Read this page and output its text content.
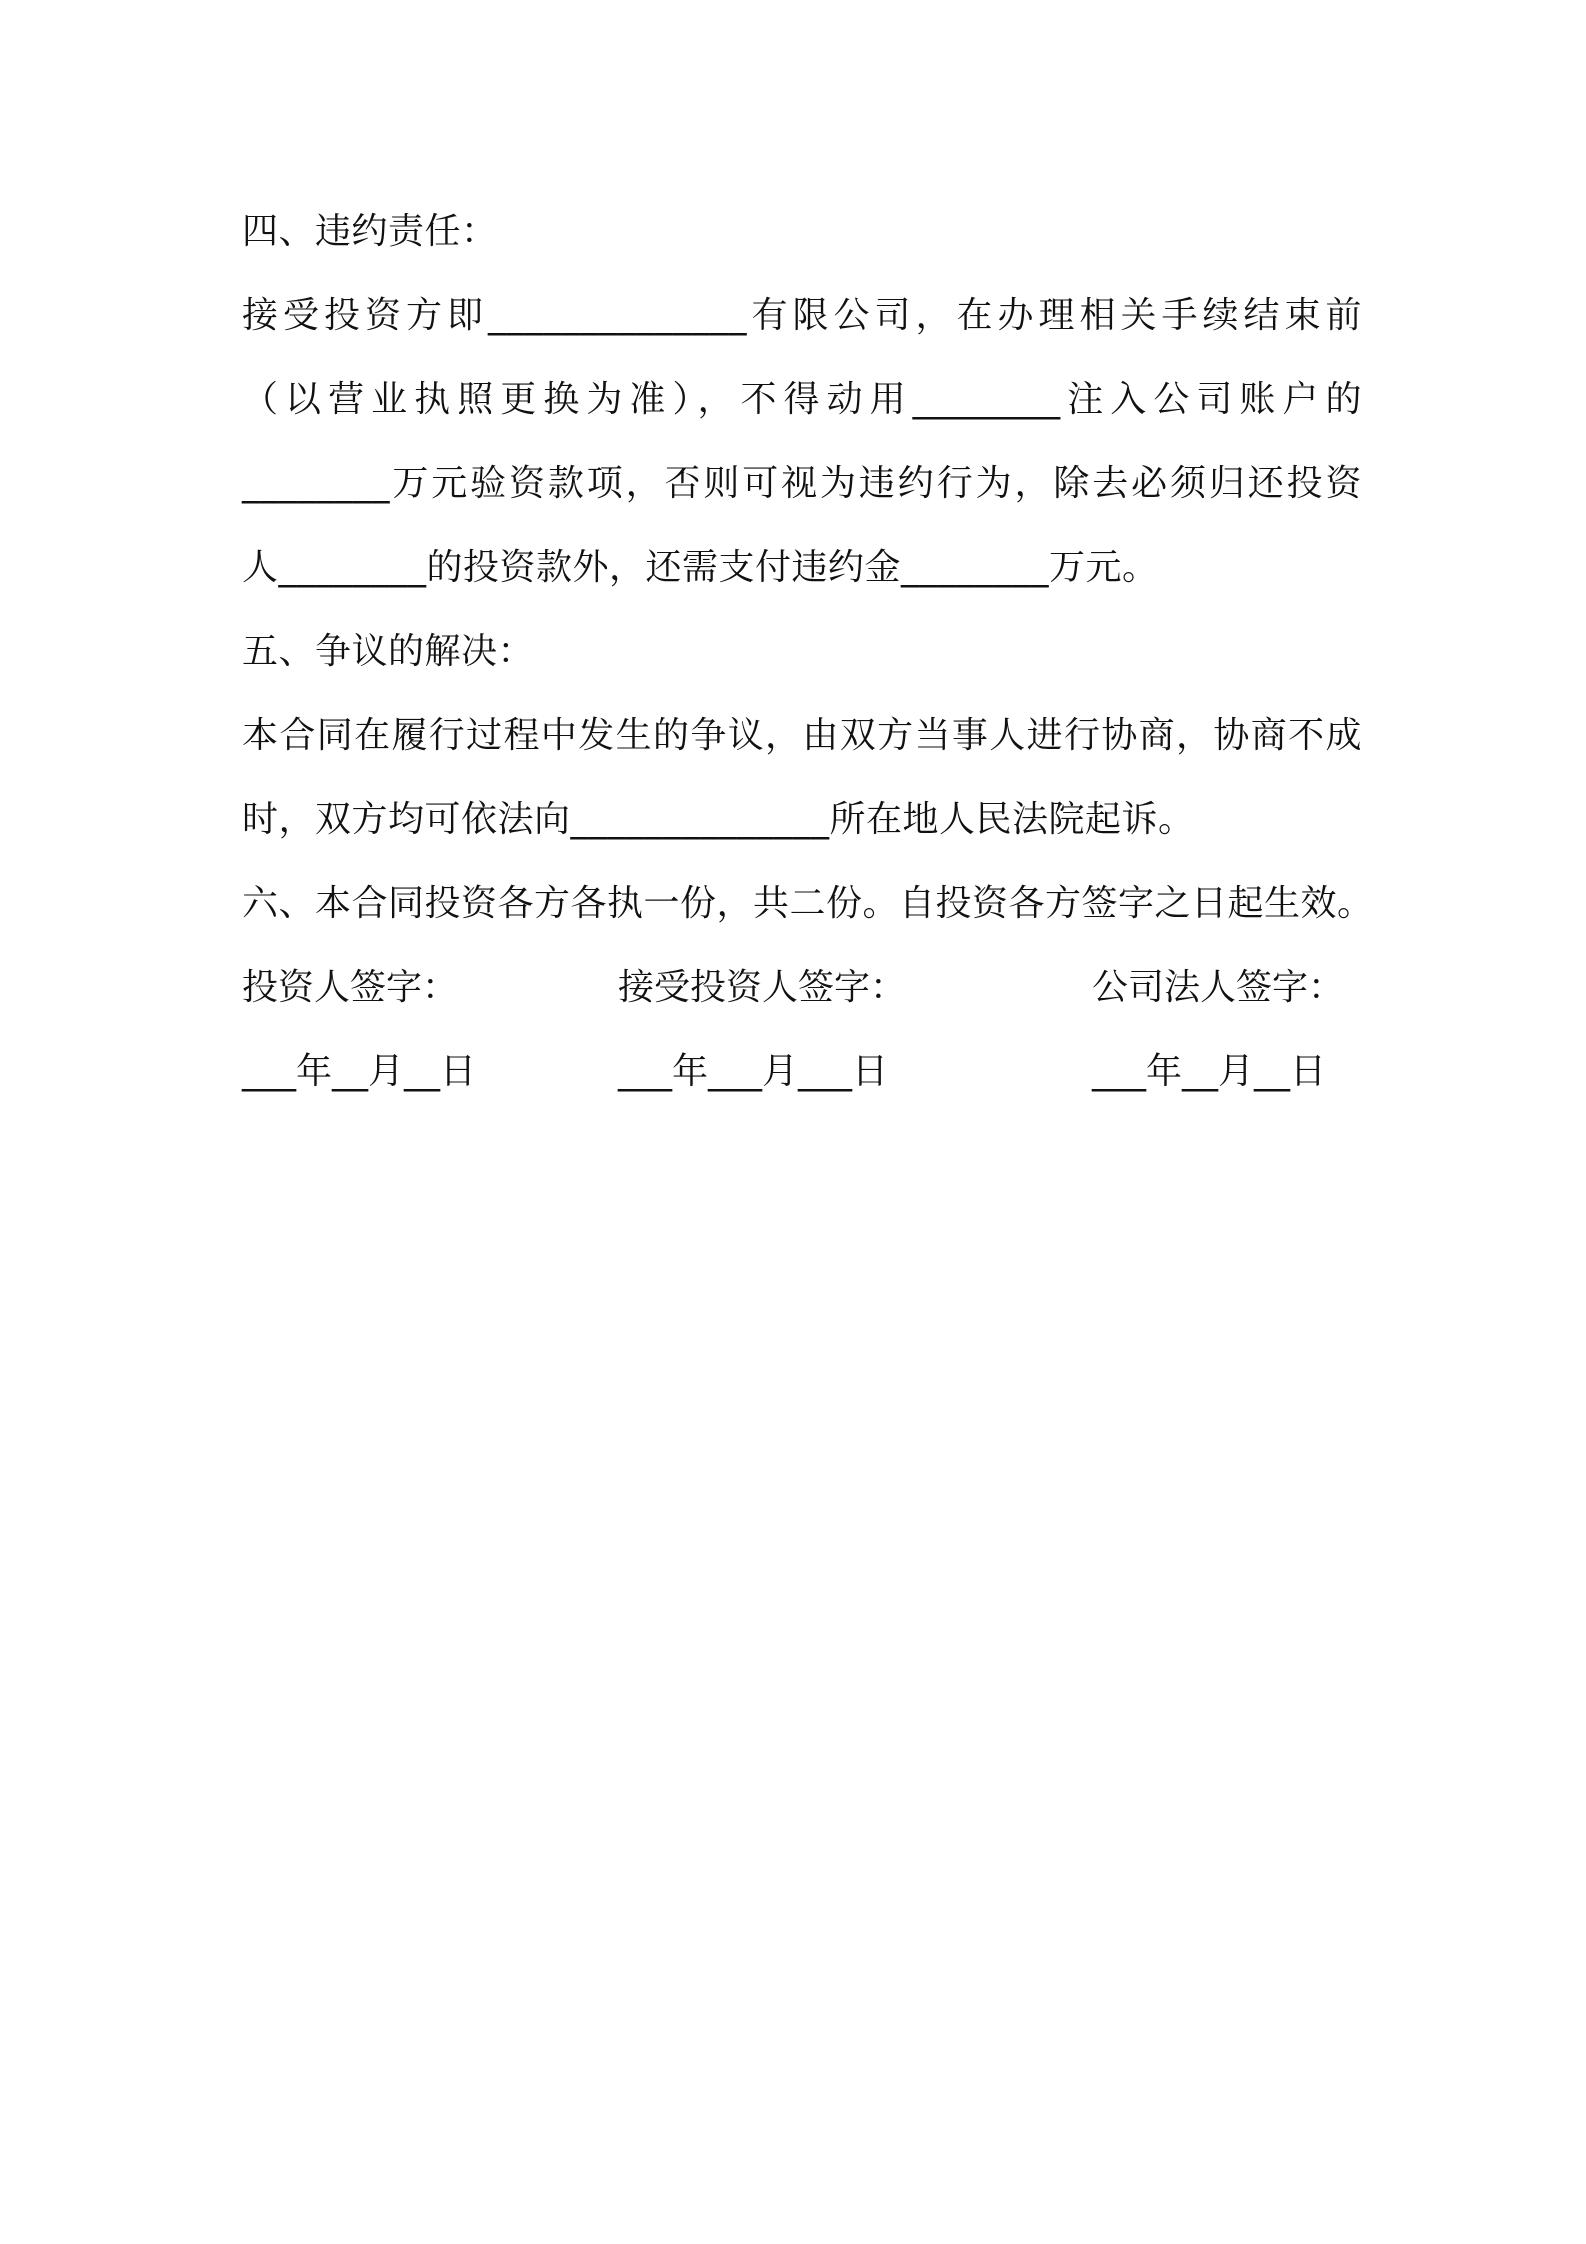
四、违约责任：
接受投资方即______________有限公司，在办理相关手续结束前
（以营业执照更换为准），不得动用________注入公司账户的
________万元验资款项，否则可视为违约行为，除去必须归还投资
人________的投资款外，还需支付违约金________万元。
五、争议的解决：
本合同在履行过程中发生的争议，由双方当事人进行协商，协商不成
时，双方均可依法向______________所在地人民法院起诉。
六、本合同投资各方各执一份，共二份。自投资各方签字之日起生效。
投资人签字：	接受投资人签字：	公司法人签字：
___年__月__日	___年___月___日	___年__月__日
